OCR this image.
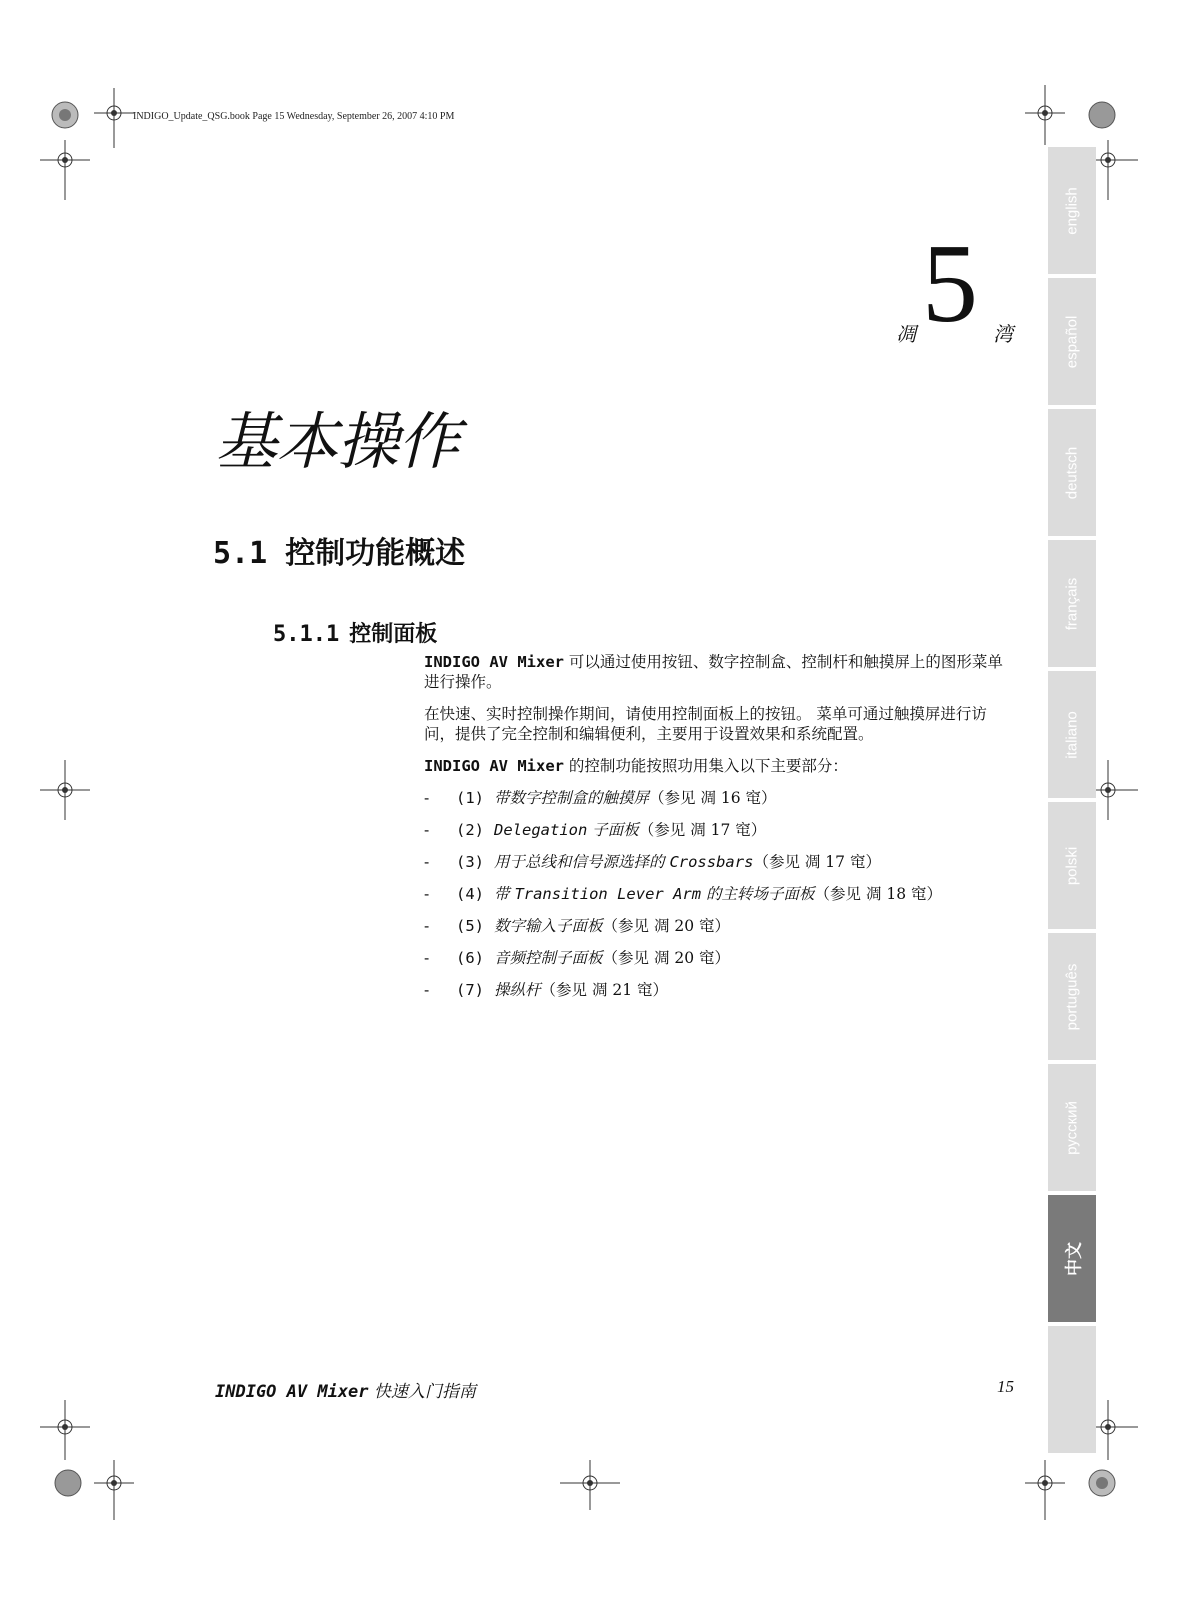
INDIGO_Update_QSG.book Page 15 Wednesday, September 26, 2007 4:10 PM
english
español
deutsch
français
italiano
polski
português
русский
中文
凋 5 湾
基本操作
5.1 控制功能概述
5.1.1 控制面板

INDIGO AV Mixer 可以通过使用按钮、数字控制盒、控制杆和触摸屏上的图形菜单进行操作。

在快速、实时控制操作期间，请使用控制面板上的按钮。 菜单可通过触摸屏进行访问，提供了完全控制和编辑便利，主要用于设置效果和系统配置。

INDIGO AV Mixer 的控制功能按照功用集入以下主要部分：

-	(1) 带数字控制盒的触摸屏（参见 凋 16 窀）
-	(2) Delegation 子面板（参见 凋 17 窀）
-	(3) 用于总线和信号源选择的 Crossbars（参见 凋 17 窀）
-	(4) 带 Transition Lever Arm 的主转场子面板（参见 凋 18 窀）
-	(5) 数字输入子面板（参见 凋 20 窀）
-	(6) 音频控制子面板（参见 凋 20 窀）
-	(7) 操纵杆（参见 凋 21 窀）
INDIGO AV Mixer 快速入门指南	15
